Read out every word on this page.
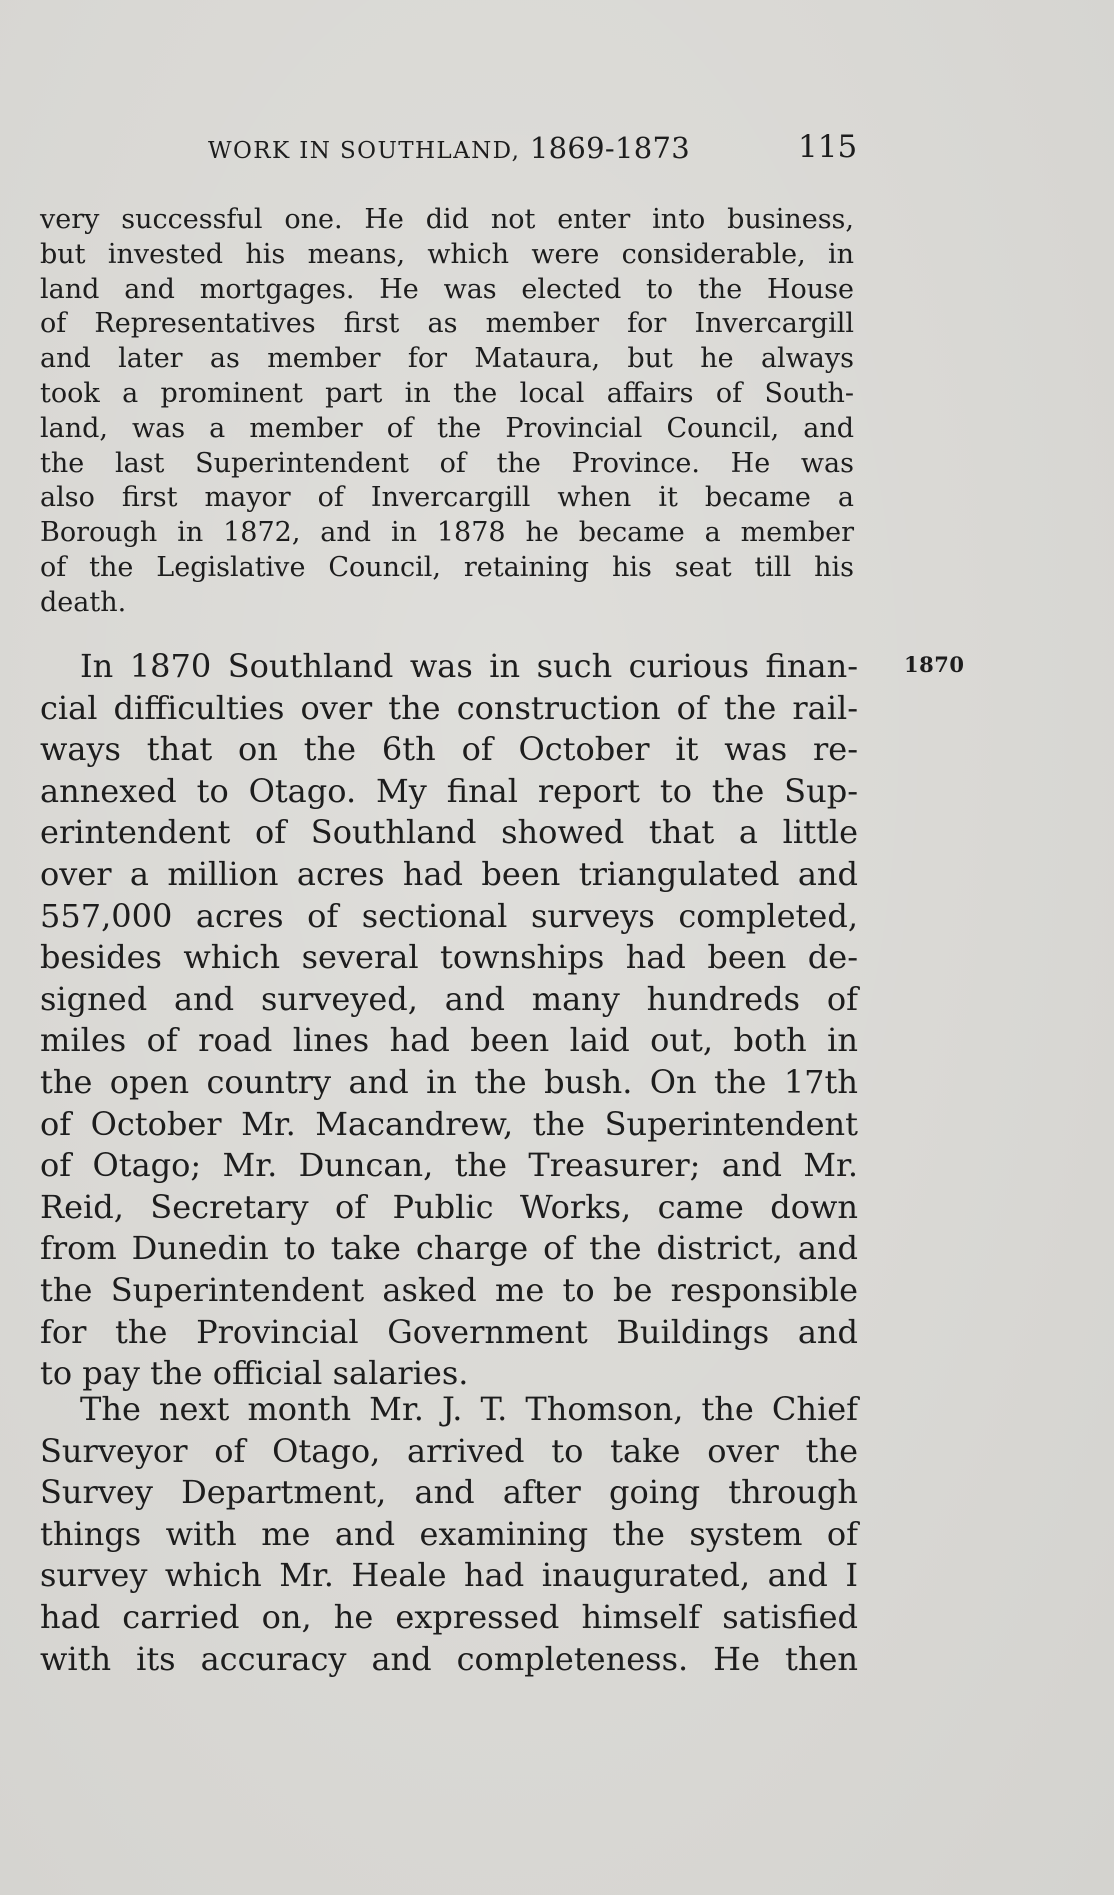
WORK IN SOUTHLAND, 1869-1873	115
very successful one. He did not enter into business,
but invested his means, which were considerable, in
land and mortgages. He was elected to the House
of Representatives first as member for Invercargill
and later as member for Mataura, but he always
took a prominent part in the local affairs of South-
land, was a member of the Provincial Council, and
the last Superintendent of the Province. He was
also first mayor of Invercargill when it became a
Borough in 1872, and in 1878 he became a member
of the Legislative Council, retaining his seat till his
death.
1870
In 1870 Southland was in such curious finan-
cial difficulties over the construction of the rail-
ways that on the 6th of October it was re-
annexed to Otago. My final report to the Sup-
erintendent of Southland showed that a little
over a million acres had been triangulated and
557,000 acres of sectional surveys completed,
besides which several townships had been de-
signed and surveyed, and many hundreds of
miles of road lines had been laid out, both in
the open country and in the bush. On the 17th
of October Mr. Macandrew, the Superintendent
of Otago; Mr. Duncan, the Treasurer; and Mr.
Reid, Secretary of Public Works, came down
from Dunedin to take charge of the district, and
the Superintendent asked me to be responsible
for the Provincial Government Buildings and
to pay the official salaries.
The next month Mr. J. T. Thomson, the Chief
Surveyor of Otago, arrived to take over the
Survey Department, and after going through
things with me and examining the system of
survey which Mr. Heale had inaugurated, and I
had carried on, he expressed himself satisfied
with its accuracy and completeness. He then
